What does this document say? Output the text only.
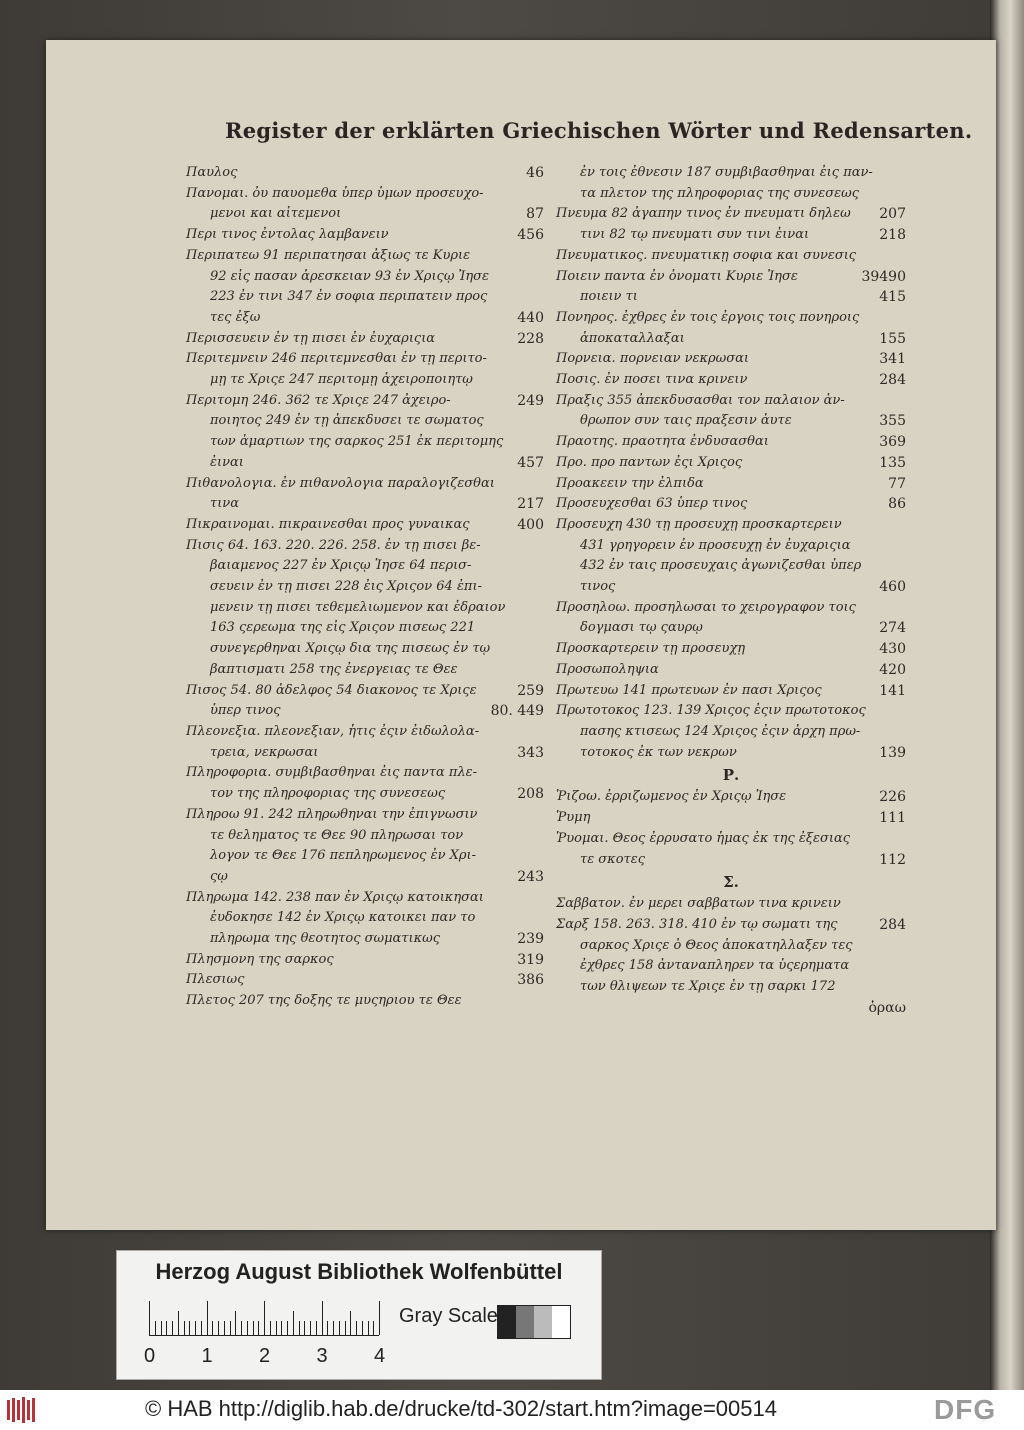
Register der erklärten Griechischen Wörter und Redensarten.
46
Παυλος
Πανομαι. ὀυ παυομεθα ὑπερ ὑμων προσευχο-
87
μενοι και αἰτεμενοι
456
Περι τινος ἐντολας λαμβανειν
Περιπατεω 91 περιπατησαι ἀξιως τε Κυριε
92 εἰς πασαν ἀρεσκειαν 93 ἐν Χριςῳ Ἰησε
223 ἐν τινι 347 ἐν σοφια περιπατειν προς
440
τες ἐξω
228
Περισσευειν ἐν τῃ πισει ἐν ἐυχαριςια
Περιτεμνειν 246 περιτεμνεσθαι ἐν τῃ περιτο-
μῃ τε Χριςε 247 περιτομῃ ἀχειροποιητῳ
249
Περιτομη 246. 362 τε Χριςε 247 ἀχειρο-
ποιητος 249 ἐν τῃ ἀπεκδυσει τε σωματος
των ἁμαρτιων της σαρκος 251 ἐκ περιτομης
457
ἐιναι
Πιθανολογια. ἐν πιθανολογια παραλογιζεσθαι
217
τινα
400
Πικραινομαι. πικραινεσθαι προς γυναικας
Πισις 64. 163. 220. 226. 258. ἐν τῃ πισει βε-
βαιαμενος 227 ἐν Χριςῳ Ἰησε 64 περισ-
σευειν ἐν τῃ πισει 228 ἐις Χριςον 64 ἐπι-
μενειν τῃ πισει τεθεμελιωμενον και ἑδραιον
163 ςερεωμα της εἰς Χριςον πισεως 221
συνεγερθηναι Χριςῳ δια της πισεως ἐν τῳ
βαπτισματι 258 της ἐνεργειας τε Θεε
259
Πισος 54. 80 ἀδελφος 54 διακονος τε Χριςε
80. 449
ὑπερ τινος
Πλεονεξια. πλεονεξιαν, ἡτις ἐςιν ἐιδωλολα-
343
τρεια, νεκρωσαι
Πληροφορια. συμβιβασθηναι ἐις παντα πλε-
208
τον της πληροφοριας της συνεσεως
Πληροω 91. 242 πληρωθηναι την ἐπιγνωσιν
τε θεληματος τε Θεε 90 πληρωσαι τον
λογον τε Θεε 176 πεπληρωμενος ἐν Χρι-
243
ςῳ
Πληρωμα 142. 238 παν ἐν Χριςῳ κατοικησαι
ἐυδοκησε 142 ἐν Χριςῳ κατοικει παν το
239
πληρωμα της θεοτητος σωματικως
319
Πλησμονη της σαρκος
386
Πλεσιως
Πλετος 207 της δοξης τε μυςηριου τε Θεε
ἐν τοις ἐθνεσιν 187 συμβιβασθηναι ἐις παν-
τα πλετον της πληροφοριας της συνεσεως
207
Πνευμα 82 ἀγαπην τινος ἐν πνευματι δηλεω
218
τινι 82 τῳ πνευματι συν τινι ἐιναι
Πνευματικος. πνευματικῃ σοφια και συνεσις
90
394
Ποιειν παντα ἐν ὀνοματι Κυριε Ἰησε
415
ποιειν τι
Πονηρος. ἐχθρες ἐν τοις ἐργοις τοις πονηροις
155
ἀποκαταλλαξαι
341
Πορνεια. πορνειαν νεκρωσαι
284
Ποσις. ἐν ποσει τινα κρινειν
Πραξις 355 ἀπεκδυσασθαι τον παλαιον ἀν-
355
θρωπον συν ταις πραξεσιν ἀυτε
369
Πραοτης. πραοτητα ἐνδυσασθαι
135
Προ. προ παντων ἐςι Χριςος
77
Προακεειν την ἐλπιδα
86
Προσευχεσθαι 63 ὑπερ τινος
Προσευχη 430 τῃ προσευχῃ προσκαρτερειν
431 γρηγορειν ἐν προσευχῃ ἐν ἐυχαριςια
432 ἐν ταις προσευχαις ἀγωνιζεσθαι ὑπερ
460
τινος
Προσηλοω. προσηλωσαι το χειρογραφον τοις
274
δογμασι τῳ ςαυρῳ
430
Προσκαρτερειν τῃ προσευχῃ
420
Προσωποληψια
141
Πρωτευω 141 πρωτευων ἐν πασι Χριςος
Πρωτοτοκος 123. 139 Χριςος ἐςιν πρωτοτοκος
πασης κτισεως 124 Χριςος ἐςιν ἀρχη πρω-
139
τοτοκος ἐκ των νεκρων
Ρ.
226
Ῥιζοω. ἐρριζωμενος ἐν Χριςῳ Ἰησε
111
Ῥυμη
Ῥυομαι. Θεος ἐρρυσατο ἡμας ἐκ της ἐξεσιας
112
τε σκοτες
Σ.
Σαββατον. ἐν μερει σαββατων τινα κρινειν
284
Σαρξ 158. 263. 318. 410 ἐν τῳ σωματι της
σαρκος Χριςε ὁ Θεος ἀποκατηλλαξεν τες
ἐχθρες 158 ἀνταναπληρεν τα ὑςερηματα
των θλιψεων τε Χριςε ἐν τῃ σαρκι 172
ὁραω
Herzog August Bibliothek Wolfenbüttel
0 1 2 3 4
Gray Scale
© HAB http://diglib.hab.de/drucke/td-302/start.htm?image=00514	DFG
